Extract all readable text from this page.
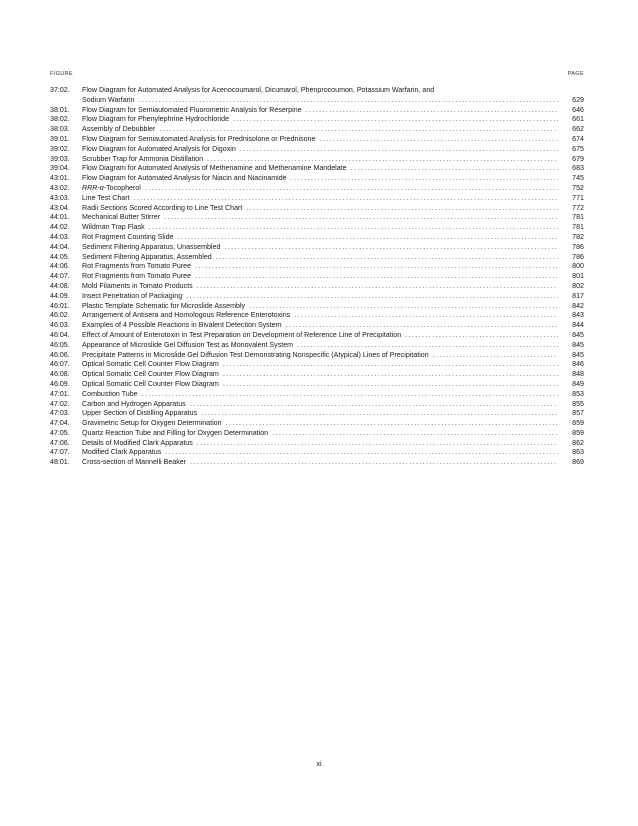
FIGURE	PAGE
37:02.	Flow Diagram for Automated Analysis for Acenocoumarol, Dicumarol, Phenprocoumon, Potassium Warfarin, and
Sodium Warfarin .....	629
38:01.	Flow Diagram for Semiautomated Fluorometric Analysis for Reserpine .....	646
38:02.	Flow Diagram for Phenylephrine Hydrochloride .....	661
38:03.	Assembly of Debubbler .....	662
39:01.	Flow Diagram for Semiautomated Analysis for Prednisolone or Prednisone .....	674
39:02.	Flow Diagram for Automated Analysis for Digoxin .....	675
39:03.	Scrubber Trap for Ammonia Distillation .....	679
39:04.	Flow Diagram for Automated Analysis of Methenamine and Methenamine Mandelate .....	683
43:01.	Flow Diagram for Automated Analysis for Niacin and Niacinamide .....	745
43:02.	RRR-α-Tocopherol .....	752
43:03.	Line Test Chart .....	771
43:04.	Radii Sections Scored According to Line Test Chart .....	772
44:01.	Mechanical Butter Stirrer .....	781
44:02.	Wildman Trap Flask .....	781
44:03.	Rot Fragment Counting Slide .....	782
44:04.	Sediment Filtering Apparatus, Unassembled .....	786
44:05.	Sediment Filtering Apparatus, Assembled .....	786
44:06.	Rot Fragments from Tomato Puree .....	800
44:07.	Rot Fragments from Tomato Puree .....	801
44:08.	Mold Filaments in Tomato Products .....	802
44:09.	Insect Penetration of Packaging .....	817
46:01.	Plastic Template Schematic for Microslide Assembly .....	842
46:02.	Arrangement of Antisera and Homologous Reference Enterotoxins .....	843
46:03.	Examples of 4 Possible Reactions in Bivalent Detection System .....	844
46:04.	Effect of Amount of Enterotoxin in Test Preparation on Development of Reference Line of Precipitation .....	845
46:05.	Appearance of Microslide Gel Diffusion Test as Monovalent System .....	845
46:06.	Precipitate Patterns in Microslide Gel Diffusion Test Demonstrating Nonspecific (Atypical) Lines of Precipitation .....	845
46:07.	Optical Somatic Cell Counter Flow Diagram .....	846
46:08.	Optical Somatic Cell Counter Flow Diagram .....	848
46:09.	Optical Somatic Cell Counter Flow Diagram .....	849
47:01.	Combustion Tube .....	853
47:02.	Carbon and Hydrogen Apparatus .....	855
47:03.	Upper Section of Distilling Apparatus .....	857
47:04.	Gravimetric Setup for Oxygen Determination .....	859
47:05.	Quartz Reaction Tube and Filling for Oxygen Determination .....	859
47:06.	Details of Modified Clark Apparatus .....	862
47:07.	Modified Clark Apparatus .....	863
48:01.	Cross-section of Marinelli Beaker .....	869
xi
